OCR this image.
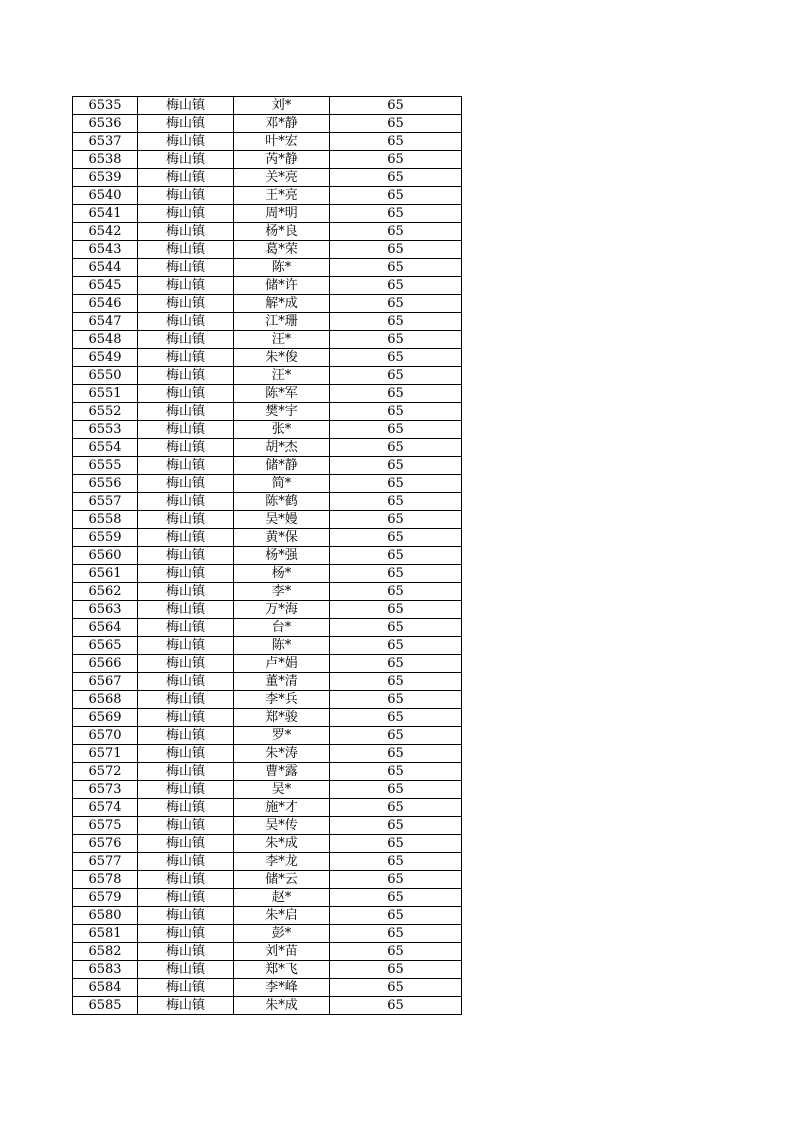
6535	梅山镇	刘*	65
6536	梅山镇	邓*静	65
6537	梅山镇	叶*宏	65
6538	梅山镇	芮*静	65
6539	梅山镇	关*亮	65
6540	梅山镇	王*亮	65
6541	梅山镇	周*明	65
6542	梅山镇	杨*良	65
6543	梅山镇	葛*荣	65
6544	梅山镇	陈*	65
6545	梅山镇	储*许	65
6546	梅山镇	解*成	65
6547	梅山镇	江*珊	65
6548	梅山镇	汪*	65
6549	梅山镇	朱*俊	65
6550	梅山镇	汪*	65
6551	梅山镇	陈*军	65
6552	梅山镇	樊*宇	65
6553	梅山镇	张*	65
6554	梅山镇	胡*杰	65
6555	梅山镇	储*静	65
6556	梅山镇	简*	65
6557	梅山镇	陈*鹤	65
6558	梅山镇	吴*嫚	65
6559	梅山镇	黄*保	65
6560	梅山镇	杨*强	65
6561	梅山镇	杨*	65
6562	梅山镇	李*	65
6563	梅山镇	万*海	65
6564	梅山镇	台*	65
6565	梅山镇	陈*	65
6566	梅山镇	卢*娟	65
6567	梅山镇	董*清	65
6568	梅山镇	李*兵	65
6569	梅山镇	郑*骏	65
6570	梅山镇	罗*	65
6571	梅山镇	朱*涛	65
6572	梅山镇	曹*露	65
6573	梅山镇	吴*	65
6574	梅山镇	施*才	65
6575	梅山镇	吴*传	65
6576	梅山镇	朱*成	65
6577	梅山镇	李*龙	65
6578	梅山镇	储*云	65
6579	梅山镇	赵*	65
6580	梅山镇	朱*启	65
6581	梅山镇	彭*	65
6582	梅山镇	刘*苗	65
6583	梅山镇	郑*飞	65
6584	梅山镇	李*峰	65
6585	梅山镇	朱*成	65
